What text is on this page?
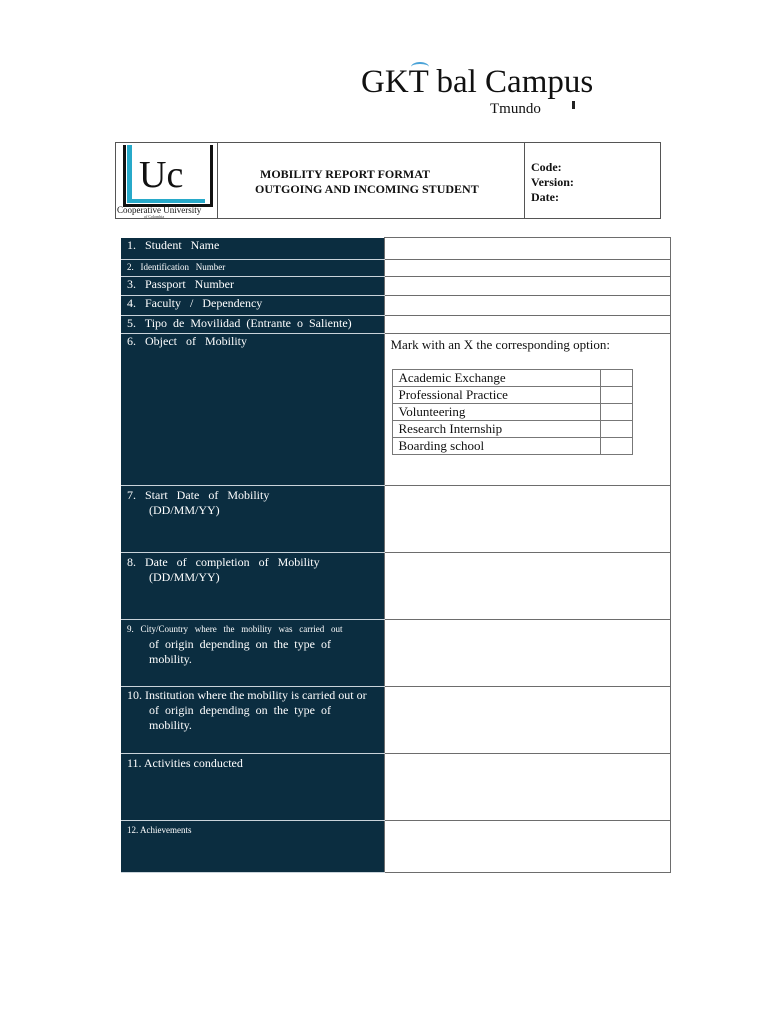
GKT bal Campus
Tmundo
Uc
Cooperative University
of Colombia
MOBILITY REPORT FORMAT
OUTGOING AND INCOMING STUDENT
Code:
Version:
Date:
1.   Student   Name	
2.   Identification   Number	
3.   Passport   Number	
4.   Faculty   /   Dependency	
5.   Tipo  de  Movilidad  (Entrante  o  Saliente)	
6.   Object   of   Mobility	Mark with an X the corresponding option:
Academic Exchange	
Professional Practice	
Volunteering	
Research Internship	
Boarding school	

7.   Start   Date   of   Mobility
(DD/MM/YY)

8.   Date   of   completion   of   Mobility
(DD/MM/YY)

9.   City/Country   where   the   mobility   was   carried   out
of  origin  depending  on  the  type  of
mobility.

10. Institution where the mobility is carried out or
of  origin  depending  on  the  type  of
mobility.

11. Activities conducted

12. Achievements
